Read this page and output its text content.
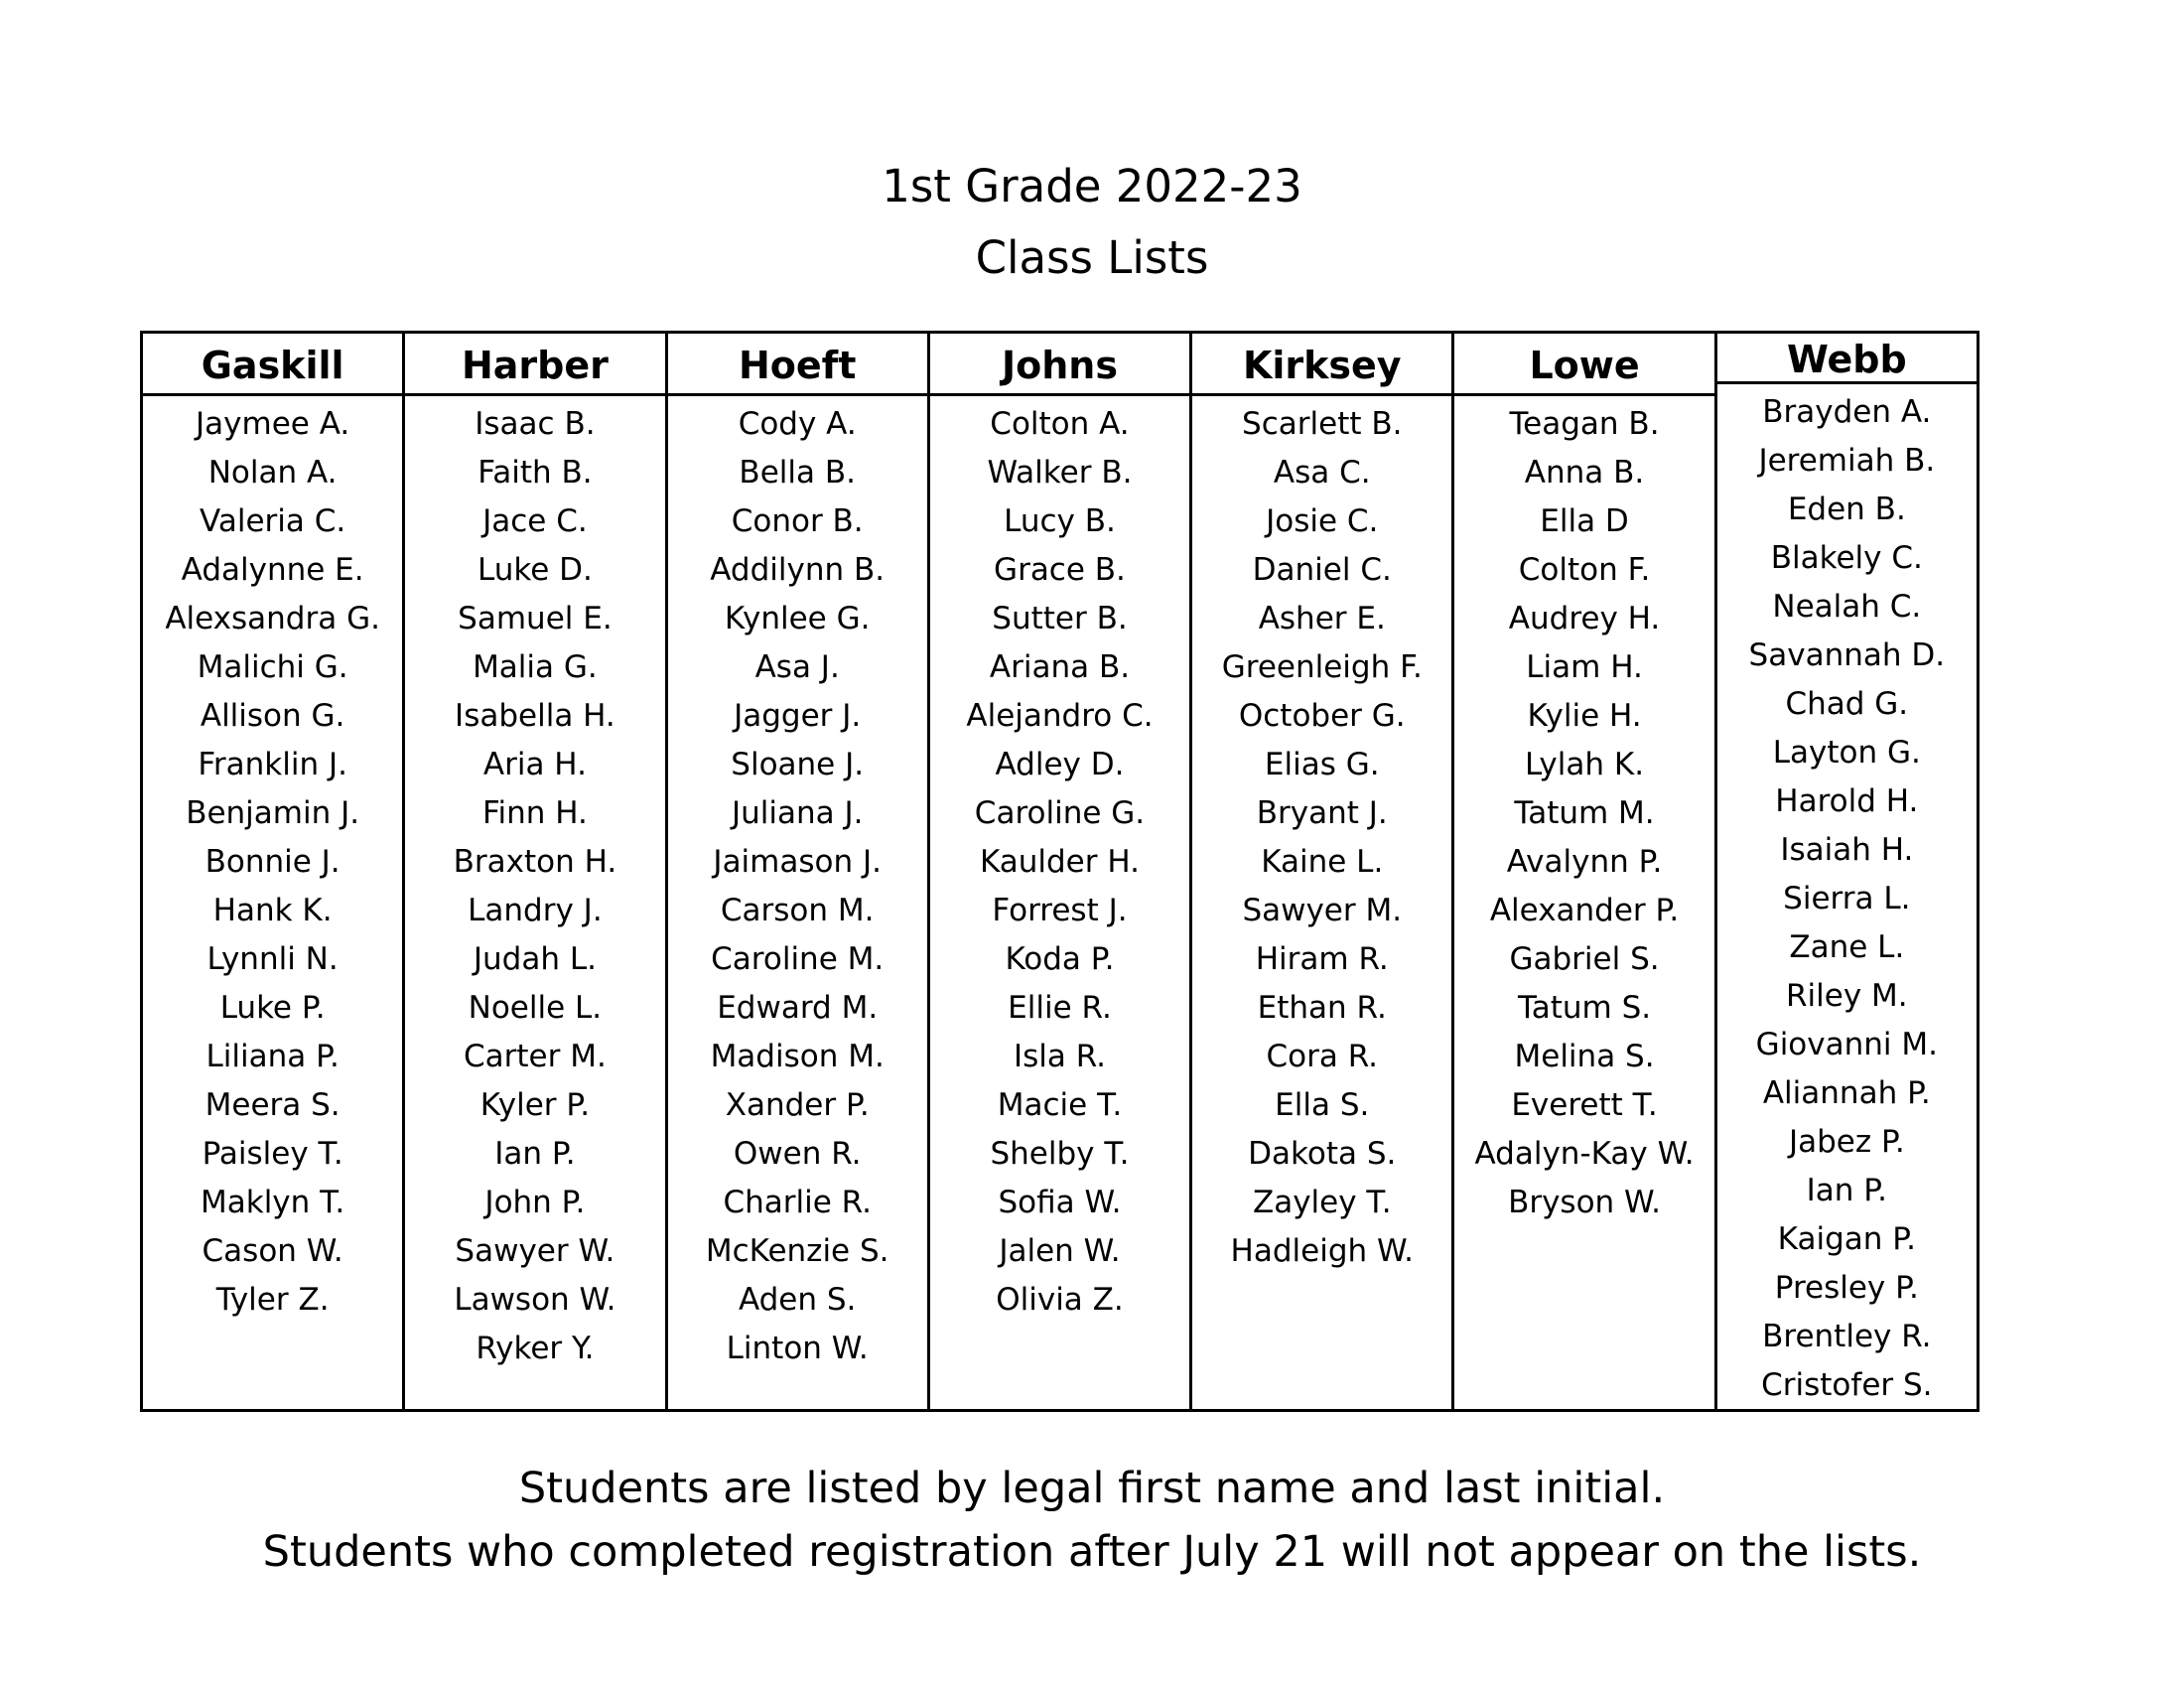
1st Grade 2022-23
Class Lists
Gaskill
Jaymee A.
Nolan A.
Valeria C.
Adalynne E.
Alexsandra G.
Malichi G.
Allison G.
Franklin J.
Benjamin J.
Bonnie J.
Hank K.
Lynnli N.
Luke P.
Liliana P.
Meera S.
Paisley T.
Maklyn T.
Cason W.
Tyler Z.
Harber
Isaac B.
Faith B.
Jace C.
Luke D.
Samuel E.
Malia G.
Isabella H.
Aria H.
Finn H.
Braxton H.
Landry J.
Judah L.
Noelle L.
Carter M.
Kyler P.
Ian P.
John P.
Sawyer W.
Lawson W.
Ryker Y.
Hoeft
Cody A.
Bella B.
Conor B.
Addilynn B.
Kynlee G.
Asa J.
Jagger J.
Sloane J.
Juliana J.
Jaimason J.
Carson M.
Caroline M.
Edward M.
Madison M.
Xander P.
Owen R.
Charlie R.
McKenzie S.
Aden S.
Linton W.
Johns
Colton A.
Walker B.
Lucy B.
Grace B.
Sutter B.
Ariana B.
Alejandro C.
Adley D.
Caroline G.
Kaulder H.
Forrest J.
Koda P.
Ellie R.
Isla R.
Macie T.
Shelby T.
Sofia W.
Jalen W.
Olivia Z.
Kirksey
Scarlett B.
Asa C.
Josie C.
Daniel C.
Asher E.
Greenleigh F.
October G.
Elias G.
Bryant J.
Kaine L.
Sawyer M.
Hiram R.
Ethan R.
Cora R.
Ella S.
Dakota S.
Zayley T.
Hadleigh W.
Lowe
Teagan B.
Anna B.
Ella D
Colton F.
Audrey H.
Liam H.
Kylie H.
Lylah K.
Tatum M.
Avalynn P.
Alexander P.
Gabriel S.
Tatum S.
Melina S.
Everett T.
Adalyn-Kay W.
Bryson W.
Webb
Brayden A.
Jeremiah B.
Eden B.
Blakely C.
Nealah C.
Savannah D.
Chad G.
Layton G.
Harold H.
Isaiah H.
Sierra L.
Zane L.
Riley M.
Giovanni M.
Aliannah P.
Jabez P.
Ian P.
Kaigan P.
Presley P.
Brentley R.
Cristofer S.
Students are listed by legal first name and last initial.
Students who completed registration after July 21 will not appear on the lists.
